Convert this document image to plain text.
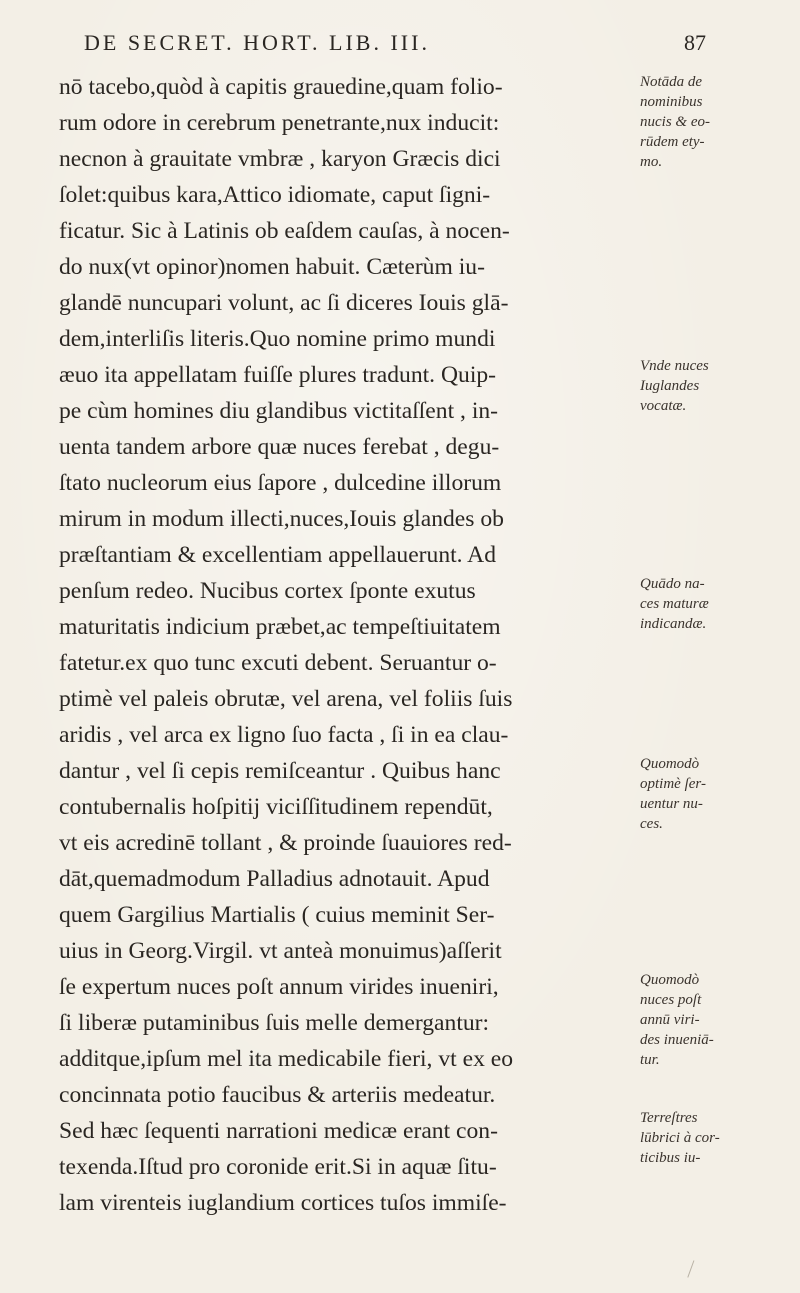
DE SECRET. HORT. LIB. III.	87
nō tacebo,quòd à capitis grauedine,quam folio-
rum odore in cerebrum penetrante,nux inducit:
necnon à grauitate vmbræ , karyon Græcis dici
ſolet:quibus kara,Attico idiomate, caput ſigni-
ficatur. Sic à Latinis ob eaſdem cauſas, à nocen-
do nux(vt opinor)nomen habuit. Cæterùm iu-
glandē nuncupari volunt, ac ſi diceres Iouis glā-
dem,interliſis literis.Quo nomine primo mundi
æuo ita appellatam fuiſſe plures tradunt. Quip-
pe cùm homines diu glandibus victitaſſent , in-
uenta tandem arbore quæ nuces ferebat , degu-
ſtato nucleorum eius ſapore , dulcedine illorum
mirum in modum illecti,nuces,Iouis glandes ob
præſtantiam & excellentiam appellauerunt. Ad
penſum redeo. Nucibus cortex ſponte exutus
maturitatis indicium præbet,ac tempeſtiuitatem
fatetur.ex quo tunc excuti debent. Seruantur o-
ptimè vel paleis obrutæ, vel arena, vel foliis ſuis
aridis , vel arca ex ligno ſuo facta , ſi in ea clau-
dantur , vel ſi cepis remiſceantur . Quibus hanc
contubernalis hoſpitij viciſſitudinem rependūt,
vt eis acredinē tollant , & proinde ſuauiores red-
dāt,quemadmodum Palladius adnotauit. Apud
quem Gargilius Martialis ( cuius meminit Ser-
uius in Georg.Virgil. vt anteà monuimus)aſſerit
ſe expertum nuces poſt annum virides inueniri,
ſi liberæ putaminibus ſuis melle demergantur:
additque,ipſum mel ita medicabile fieri, vt ex eo
concinnata potio faucibus & arteriis medeatur.
Sed hæc ſequenti narrationi medicæ erant con-
texenda.Iſtud pro coronide erit.Si in aquæ ſitu-
lam virenteis iuglandium cortices tuſos immiſe-
Notāda de
nominibus
nucis & eo-
rūdem ety-
mo.
Vnde nuces
Iuglandes
vocatæ.
Quādo na-
ces maturæ
indicandæ.
Quomodò
optimè ſer-
uentur nu-
ces.
Quomodò
nuces poſt
annū viri-
des inueniā-
tur.
Terreſtres
lūbrici à cor-
ticibus iu-
